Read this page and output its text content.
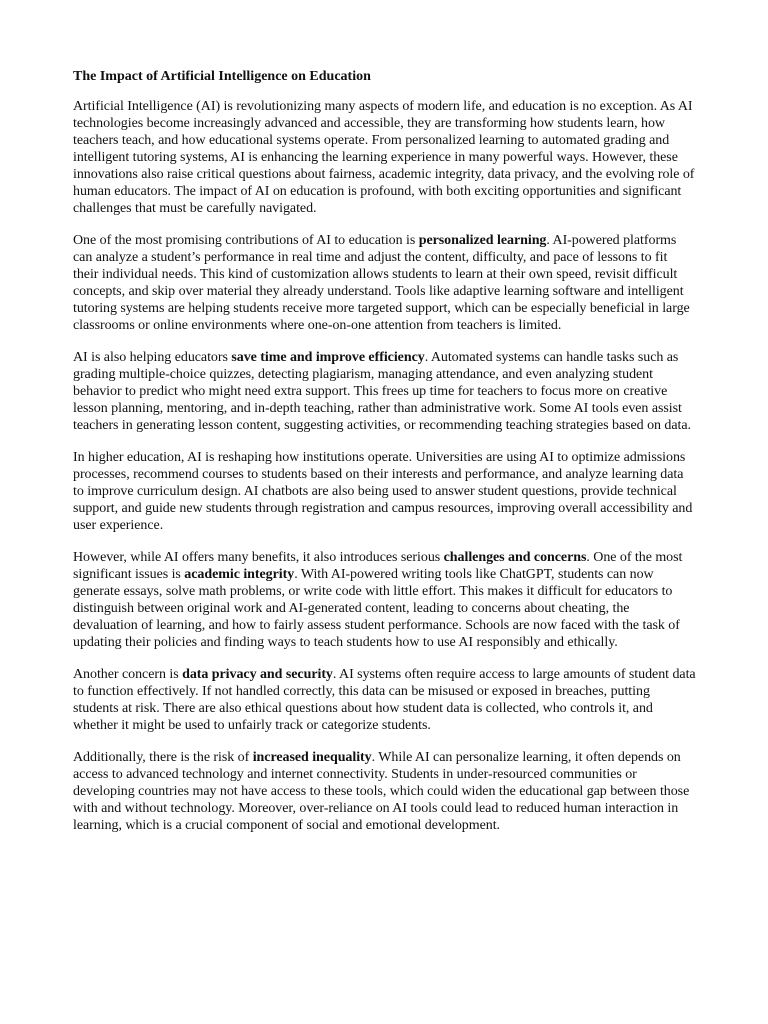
The Impact of Artificial Intelligence on Education

Artificial Intelligence (AI) is revolutionizing many aspects of modern life, and education is no exception. As AI technologies become increasingly advanced and accessible, they are transforming how students learn, how teachers teach, and how educational systems operate. From personalized learning to automated grading and intelligent tutoring systems, AI is enhancing the learning experience in many powerful ways. However, these innovations also raise critical questions about fairness, academic integrity, data privacy, and the evolving role of human educators. The impact of AI on education is profound, with both exciting opportunities and significant challenges that must be carefully navigated.

One of the most promising contributions of AI to education is personalized learning. AI-powered platforms can analyze a student’s performance in real time and adjust the content, difficulty, and pace of lessons to fit their individual needs. This kind of customization allows students to learn at their own speed, revisit difficult concepts, and skip over material they already understand. Tools like adaptive learning software and intelligent tutoring systems are helping students receive more targeted support, which can be especially beneficial in large classrooms or online environments where one-on-one attention from teachers is limited.

AI is also helping educators save time and improve efficiency. Automated systems can handle tasks such as grading multiple-choice quizzes, detecting plagiarism, managing attendance, and even analyzing student behavior to predict who might need extra support. This frees up time for teachers to focus more on creative lesson planning, mentoring, and in-depth teaching, rather than administrative work. Some AI tools even assist teachers in generating lesson content, suggesting activities, or recommending teaching strategies based on data.

In higher education, AI is reshaping how institutions operate. Universities are using AI to optimize admissions processes, recommend courses to students based on their interests and performance, and analyze learning data to improve curriculum design. AI chatbots are also being used to answer student questions, provide technical support, and guide new students through registration and campus resources, improving overall accessibility and user experience.

However, while AI offers many benefits, it also introduces serious challenges and concerns. One of the most significant issues is academic integrity. With AI-powered writing tools like ChatGPT, students can now generate essays, solve math problems, or write code with little effort. This makes it difficult for educators to distinguish between original work and AI-generated content, leading to concerns about cheating, the devaluation of learning, and how to fairly assess student performance. Schools are now faced with the task of updating their policies and finding ways to teach students how to use AI responsibly and ethically.

Another concern is data privacy and security. AI systems often require access to large amounts of student data to function effectively. If not handled correctly, this data can be misused or exposed in breaches, putting students at risk. There are also ethical questions about how student data is collected, who controls it, and whether it might be used to unfairly track or categorize students.

Additionally, there is the risk of increased inequality. While AI can personalize learning, it often depends on access to advanced technology and internet connectivity. Students in under-resourced communities or developing countries may not have access to these tools, which could widen the educational gap between those with and without technology. Moreover, over-reliance on AI tools could lead to reduced human interaction in learning, which is a crucial component of social and emotional development.
